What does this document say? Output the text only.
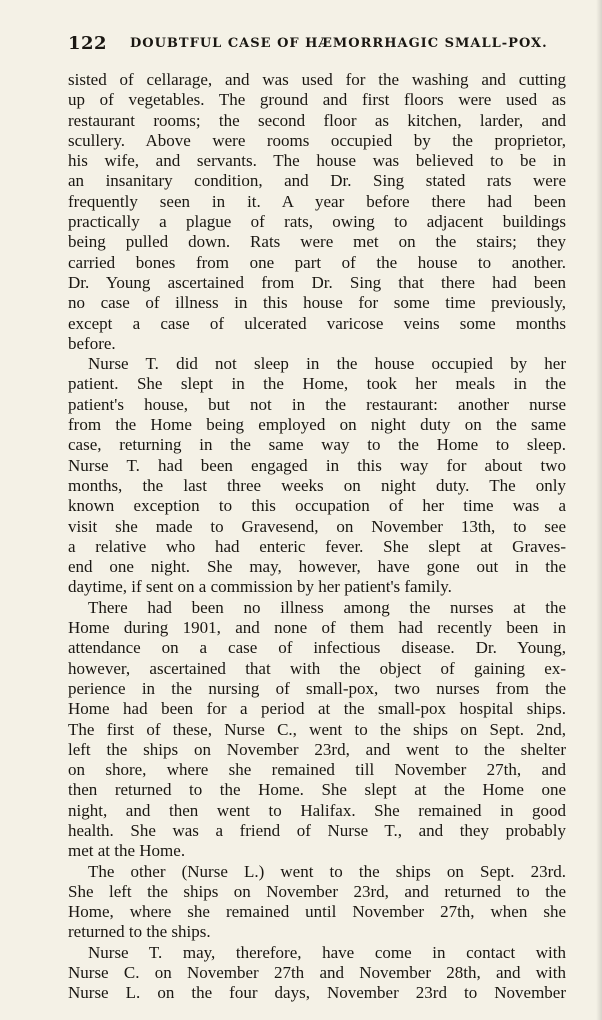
122 DOUBTFUL CASE OF HÆMORRHAGIC SMALL-POX.
sisted of cellarage, and was used for the washing and cutting
up of vegetables. The ground and first floors were used as
restaurant rooms; the second floor as kitchen, larder, and
scullery. Above were rooms occupied by the proprietor,
his wife, and servants. The house was believed to be in
an insanitary condition, and Dr. Sing stated rats were
frequently seen in it. A year before there had been
practically a plague of rats, owing to adjacent buildings
being pulled down. Rats were met on the stairs; they
carried bones from one part of the house to another.
Dr. Young ascertained from Dr. Sing that there had been
no case of illness in this house for some time previously,
except a case of ulcerated varicose veins some months
before.
Nurse T. did not sleep in the house occupied by her
patient. She slept in the Home, took her meals in the
patient's house, but not in the restaurant: another nurse
from the Home being employed on night duty on the same
case, returning in the same way to the Home to sleep.
Nurse T. had been engaged in this way for about two
months, the last three weeks on night duty. The only
known exception to this occupation of her time was a
visit she made to Gravesend, on November 13th, to see
a relative who had enteric fever. She slept at Graves-
end one night. She may, however, have gone out in the
daytime, if sent on a commission by her patient's family.
There had been no illness among the nurses at the
Home during 1901, and none of them had recently been in
attendance on a case of infectious disease. Dr. Young,
however, ascertained that with the object of gaining ex-
perience in the nursing of small-pox, two nurses from the
Home had been for a period at the small-pox hospital ships.
The first of these, Nurse C., went to the ships on Sept. 2nd,
left the ships on November 23rd, and went to the shelter
on shore, where she remained till November 27th, and
then returned to the Home. She slept at the Home one
night, and then went to Halifax. She remained in good
health. She was a friend of Nurse T., and they probably
met at the Home.
The other (Nurse L.) went to the ships on Sept. 23rd.
She left the ships on November 23rd, and returned to the
Home, where she remained until November 27th, when she
returned to the ships.
Nurse T. may, therefore, have come in contact with
Nurse C. on November 27th and November 28th, and with
Nurse L. on the four days, November 23rd to November
